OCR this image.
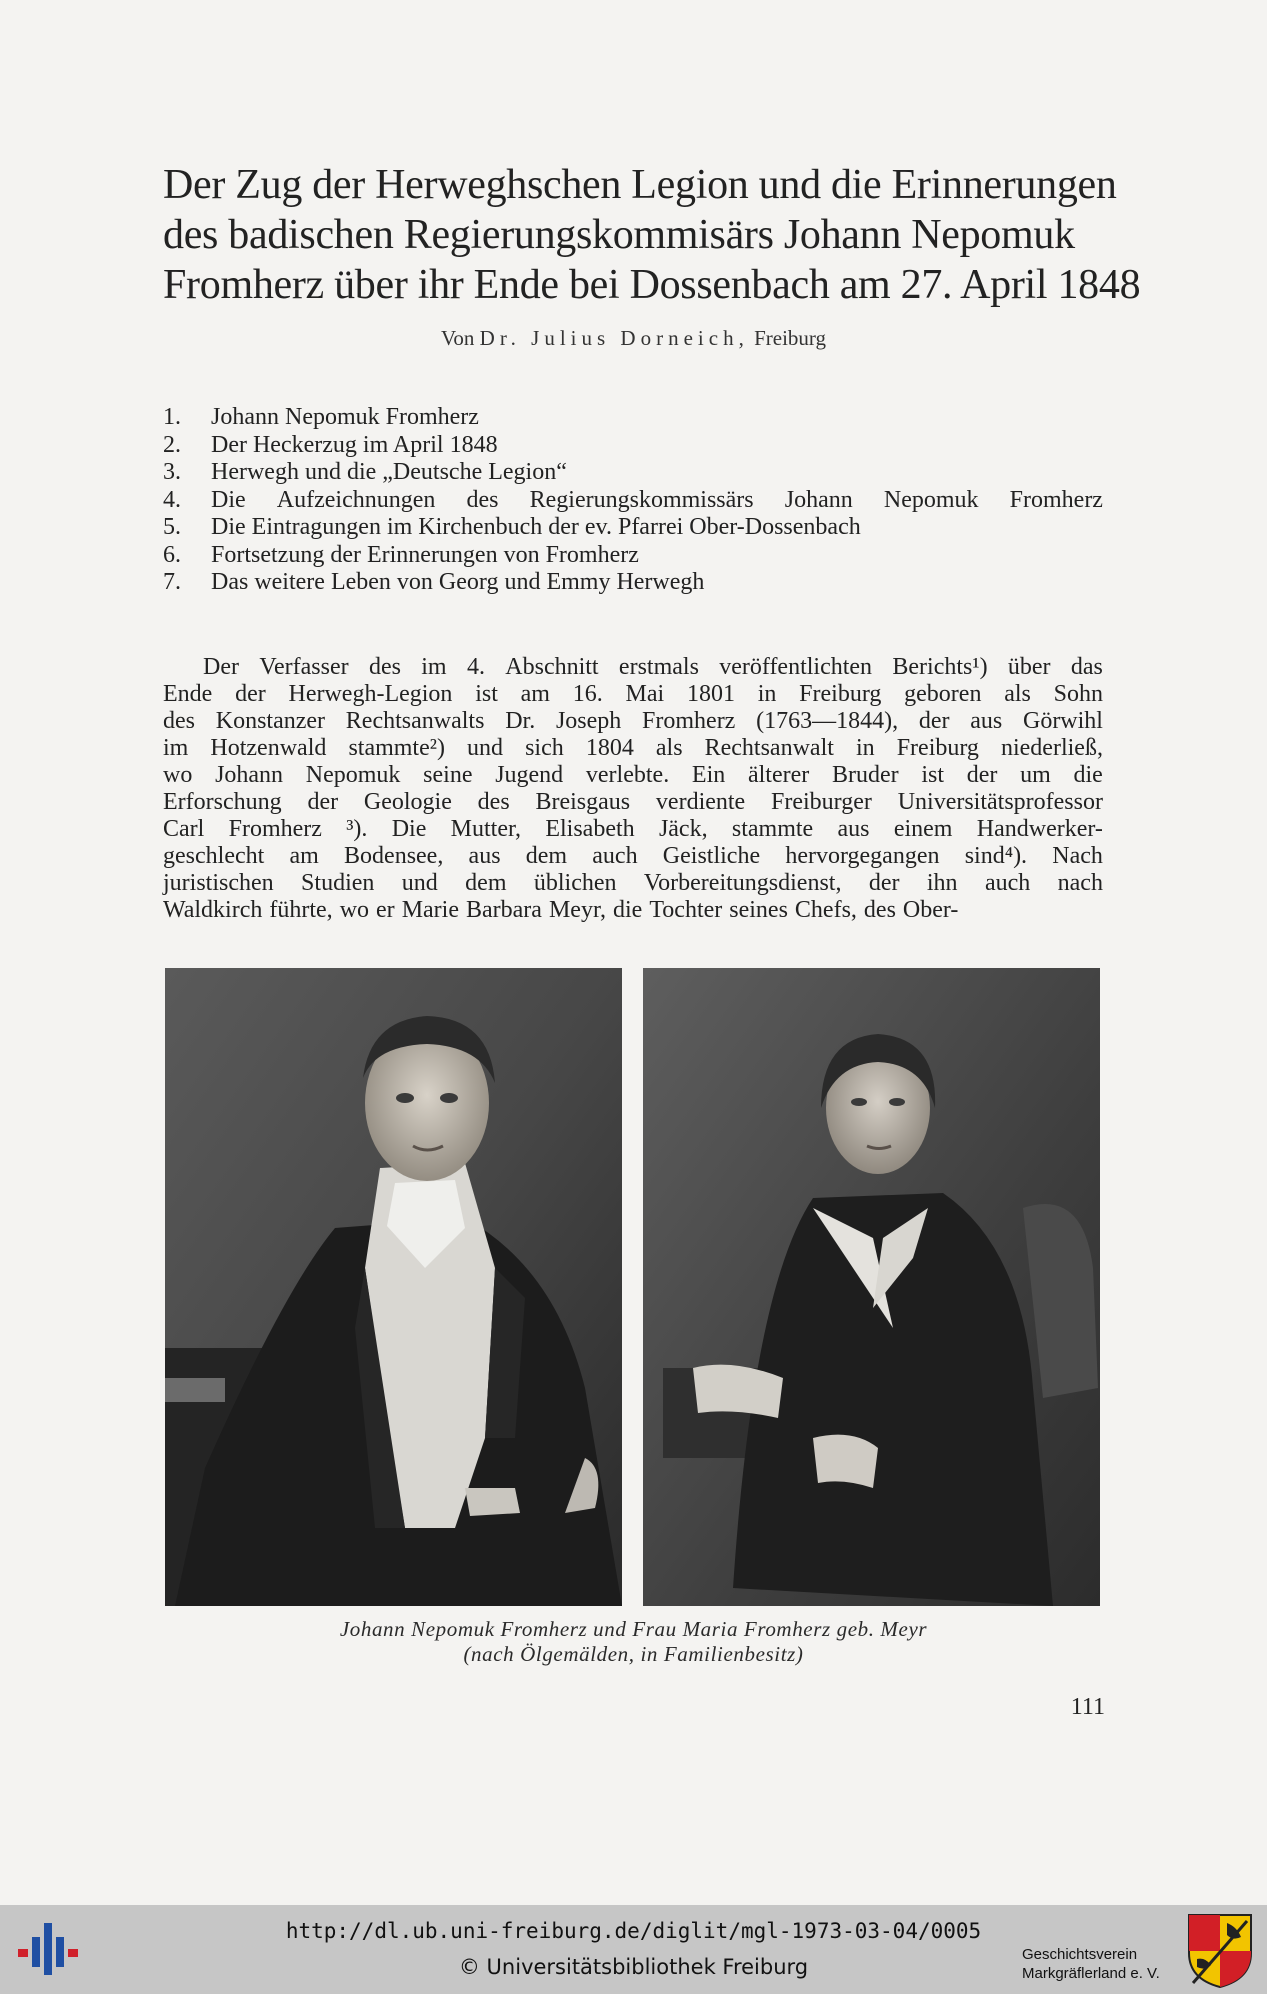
Der Zug der Herweghschen Legion und die Erinnerungen
des badischen Regierungskommisärs Johann Nepomuk
Fromherz über ihr Ende bei Dossenbach am 27. April 1848
Von Dr. Julius Dorneich, Freiburg
1.	Johann Nepomuk Fromherz
2.	Der Heckerzug im April 1848
3.	Herwegh und die „Deutsche Legion“
4.	Die Aufzeichnungen des Regierungskommissärs Johann Nepomuk Fromherz
5.	Die Eintragungen im Kirchenbuch der ev. Pfarrei Ober-Dossenbach
6.	Fortsetzung der Erinnerungen von Fromherz
7.	Das weitere Leben von Georg und Emmy Herwegh
Der Verfasser des im 4. Abschnitt erstmals veröffentlichten Berichts¹) über das
Ende der Herwegh-Legion ist am 16. Mai 1801 in Freiburg geboren als Sohn
des Konstanzer Rechtsanwalts Dr. Joseph Fromherz (1763—1844), der aus Görwihl
im Hotzenwald stammte²) und sich 1804 als Rechtsanwalt in Freiburg niederließ,
wo Johann Nepomuk seine Jugend verlebte. Ein älterer Bruder ist der um die
Erforschung der Geologie des Breisgaus verdiente Freiburger Universitätsprofessor
Carl Fromherz ³). Die Mutter, Elisabeth Jäck, stammte aus einem Handwerker-
geschlecht am Bodensee, aus dem auch Geistliche hervorgegangen sind⁴). Nach
juristischen Studien und dem üblichen Vorbereitungsdienst, der ihn auch nach
Waldkirch führte, wo er Marie Barbara Meyr, die Tochter seines Chefs, des Ober-
Johann Nepomuk Fromherz und Frau Maria Fromherz geb. Meyr
(nach Ölgemälden, in Familienbesitz)
111
http://dl.ub.uni-freiburg.de/diglit/mgl-1973-03-04/0005
© Universitätsbibliothek Freiburg
Geschichtsverein
Markgräflerland e. V.
